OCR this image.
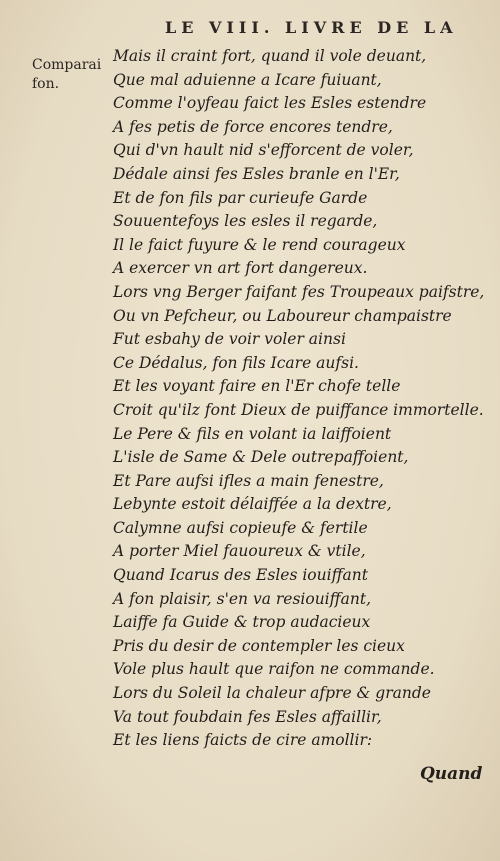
LE VIII. LIVRE DE LA
Comparai
fon.
Mais il craint fort, quand il vole deuant,
Que mal aduienne a Icare fuiuant,
Comme l'oyfeau faict les Esles estendre
A fes petis de force encores tendre,
Qui d'vn hault nid s'efforcent de voler,
Dédale ainsi fes Esles branle en l'Er,
Et de fon fils par curieufe Garde
Souuentefoys les esles il regarde,
Il le faict fuyure & le rend courageux
A exercer vn art fort dangereux.
Lors vng Berger faifant fes Troupeaux paifstre,
Ou vn Pefcheur, ou Laboureur champaistre
Fut esbahy de voir voler ainsi
Ce Dédalus, fon fils Icare aufsi.
Et les voyant faire en l'Er chofe telle
Croit qu'ilz font Dieux de puiffance immortelle.
Le Pere & fils en volant ia laiffoient
L'isle de Same & Dele outrepaffoient,
Et Pare aufsi ifles a main fenestre,
Lebynte estoit délaiffée a la dextre,
Calymne aufsi copieufe & fertile
A porter Miel fauoureux & vtile,
Quand Icarus des Esles iouiffant
A fon plaisir, s'en va resiouiffant,
Laiffe fa Guide & trop audacieux
Pris du desir de contempler les cieux
Vole plus hault que raifon ne commande.
Lors du Soleil la chaleur afpre & grande
Va tout foubdain fes Esles affaillir,
Et les liens faicts de cire amollir:
Quand
